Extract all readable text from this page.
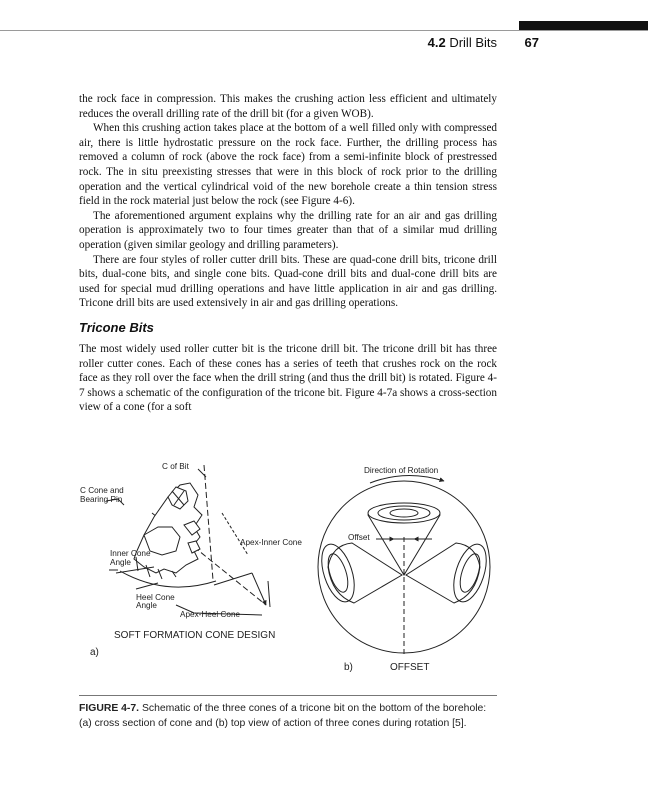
4.2 Drill Bits	67

the rock face in compression. This makes the crushing action less efficient and ultimately reduces the overall drilling rate of the drill bit (for a given WOB).

When this crushing action takes place at the bottom of a well filled only with compressed air, there is little hydrostatic pressure on the rock face. Further, the drilling process has removed a column of rock (above the rock face) from a semi-infinite block of prestressed rock. The in situ preexisting stresses that were in this block of rock prior to the drilling operation and the vertical cylindrical void of the new borehole create a thin tension stress field in the rock material just below the rock (see Figure 4-6).

The aforementioned argument explains why the drilling rate for an air and gas drilling operation is approximately two to four times greater than that of a similar mud drilling operation (given similar geology and drilling parameters).

There are four styles of roller cutter drill bits. These are quad-cone drill bits, tricone drill bits, dual-cone bits, and single cone bits. Quad-cone drill bits and dual-cone drill bits are used for special mud drilling operations and have little application in air and gas drilling. Tricone drill bits are used extensively in air and gas drilling operations.

Tricone Bits

The most widely used roller cutter bit is the tricone drill bit. The tricone drill bit has three roller cutter cones. Each of these cones has a series of teeth that crushes rock on the rock face as they roll over the face when the drill string (and thus the drill bit) is rotated. Figure 4-7 shows a schematic of the configuration of the tricone bit. Figure 4-7a shows a cross-section view of a cone (for a soft

C of Bit
C Cone and
Bearing Pin
Apex-Inner Cone
Inner Cone
Angle
Heel Cone
Angle
Apex-Heel Cone
SOFT FORMATION CONE DESIGN
a)
Direction of Rotation
Offset
b)	OFFSET
FIGURE 4-7. Schematic of the three cones of a tricone bit on the bottom of the borehole: (a) cross section of cone and (b) top view of action of three cones during rotation [5].
